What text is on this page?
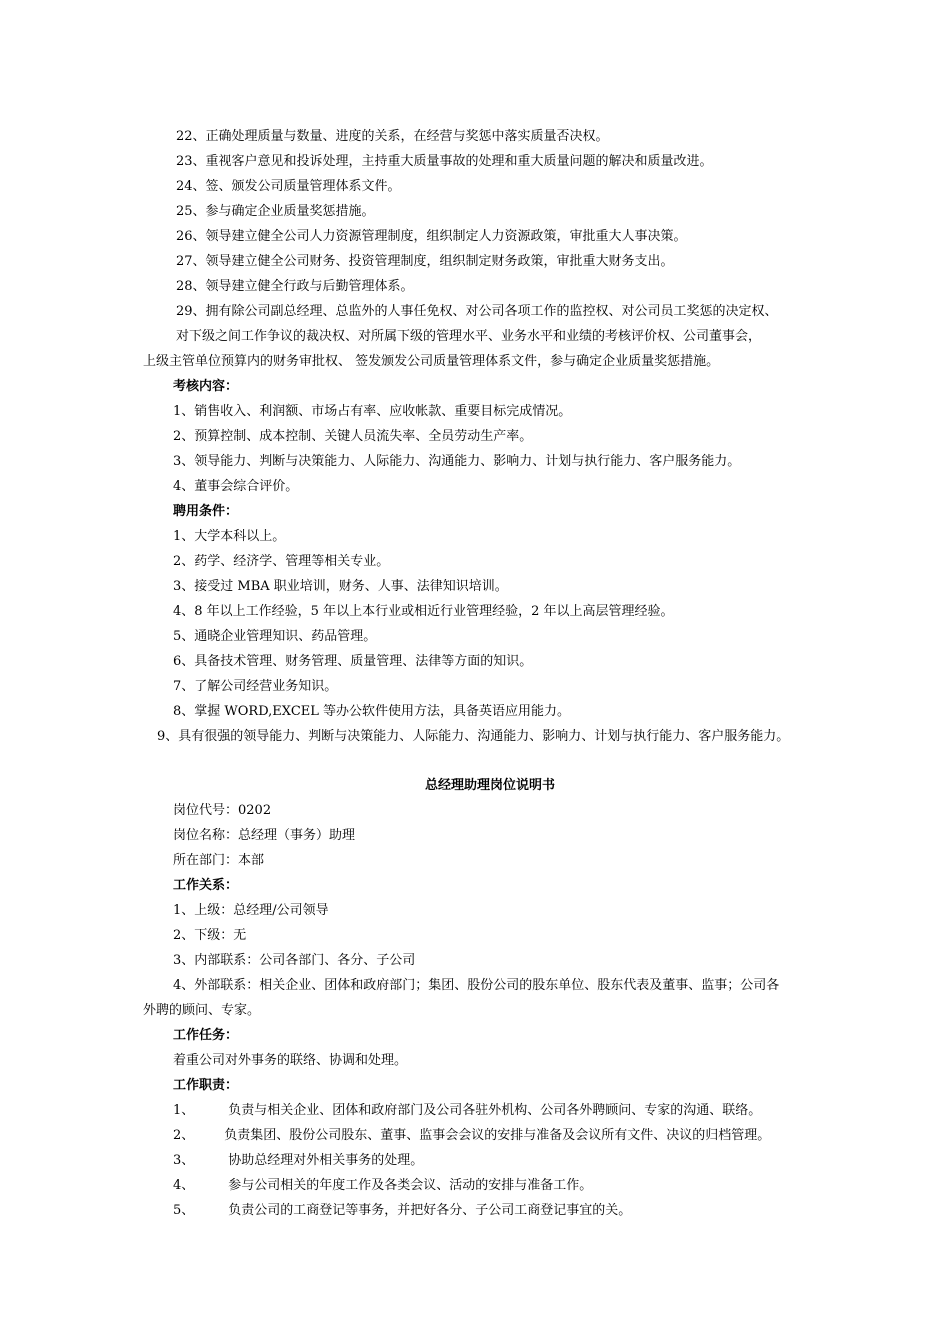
22、正确处理质量与数量、进度的关系，在经营与奖惩中落实质量否决权。
23、重视客户意见和投诉处理，主持重大质量事故的处理和重大质量问题的解决和质量改进。
24、签、颁发公司质量管理体系文件。
25、参与确定企业质量奖惩措施。
26、领导建立健全公司人力资源管理制度，组织制定人力资源政策，审批重大人事决策。
27、领导建立健全公司财务、投资管理制度，组织制定财务政策，审批重大财务支出。
28、领导建立健全行政与后勤管理体系。
29、拥有除公司副总经理、总监外的人事任免权、对公司各项工作的监控权、对公司员工奖惩的决定权、
对下级之间工作争议的裁决权、对所属下级的管理水平、业务水平和业绩的考核评价权、公司董事会，
上级主管单位预算内的财务审批权、 签发颁发公司质量管理体系文件，参与确定企业质量奖惩措施。
考核内容：
1、销售收入、利润额、市场占有率、应收帐款、重要目标完成情况。
2、预算控制、成本控制、关键人员流失率、全员劳动生产率。
3、领导能力、判断与决策能力、人际能力、沟通能力、影响力、计划与执行能力、客户服务能力。
4、董事会综合评价。
聘用条件：
1、大学本科以上。
2、药学、经济学、管理等相关专业。
3、接受过 MBA 职业培训，财务、人事、法律知识培训。
4、8 年以上工作经验，5 年以上本行业或相近行业管理经验，2 年以上高层管理经验。
5、通晓企业管理知识、药品管理。
6、具备技术管理、财务管理、质量管理、法律等方面的知识。
7、了解公司经营业务知识。
8、掌握 WORD,EXCEL 等办公软件使用方法，具备英语应用能力。
9、具有很强的领导能力、判断与决策能力、人际能力、沟通能力、影响力、计划与执行能力、客户服务能力。
总经理助理岗位说明书
岗位代号：0202
岗位名称：总经理（事务）助理
所在部门：本部
工作关系：
1、上级：总经理/公司领导
2、下级：无
3、内部联系：公司各部门、各分、子公司
4、外部联系：相关企业、团体和政府部门；集团、股份公司的股东单位、股东代表及董事、监事；公司各
外聘的顾问、专家。
工作任务：
着重公司对外事务的联络、协调和处理。
工作职责：
1、	负责与相关企业、团体和政府部门及公司各驻外机构、公司各外聘顾问、专家的沟通、联络。
2、 负责集团、股份公司股东、董事、监事会会议的安排与准备及会议所有文件、决议的归档管理。
3、	协助总经理对外相关事务的处理。
4、	参与公司相关的年度工作及各类会议、活动的安排与准备工作。
5、	负责公司的工商登记等事务，并把好各分、子公司工商登记事宜的关。
